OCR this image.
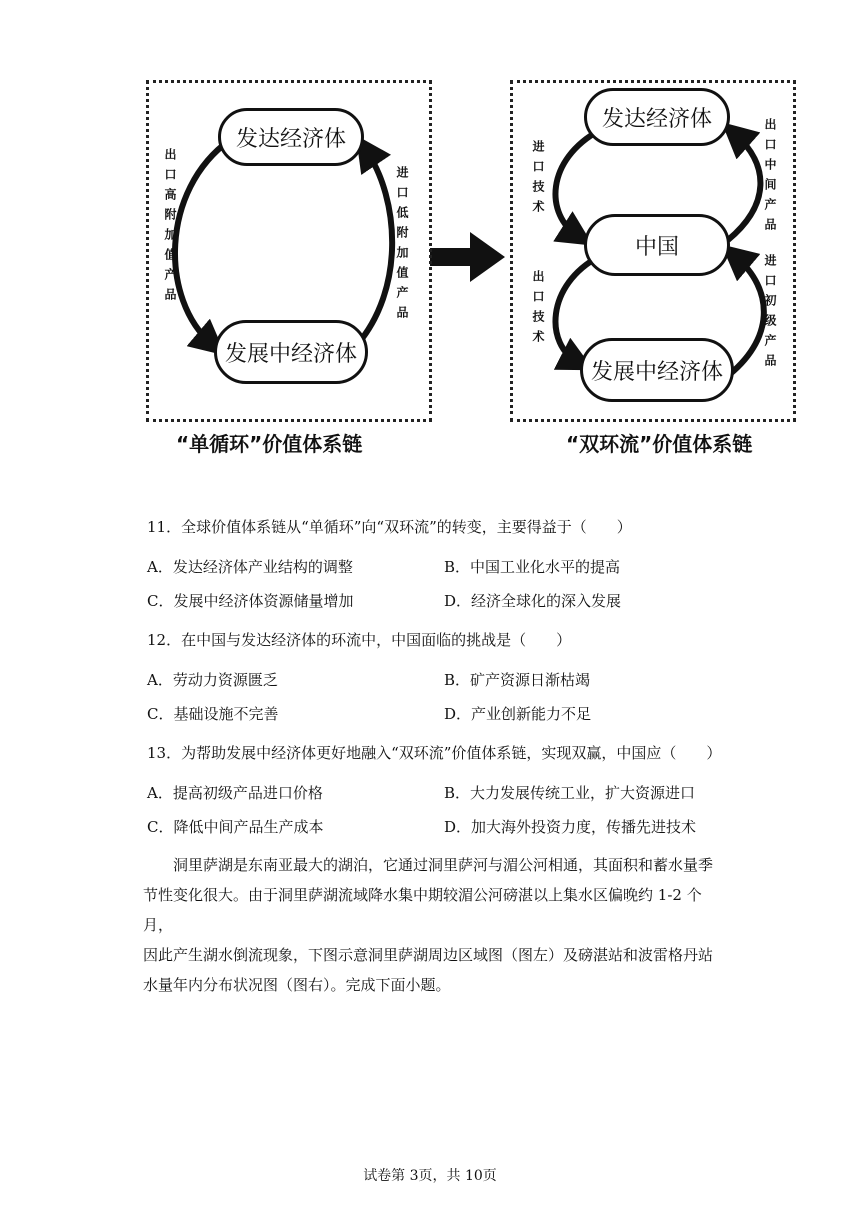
发达经济体
发展中经济体
出口高附加值产品	进口低附加值产品
“单循环”价值体系链
发达经济体
中国
发展中经济体
进口技术
出口技术
出口中间产品
进口初级产品
“双环流”价值体系链
11．全球价值体系链从“单循环”向“双环流”的转变，主要得益于（　　）
A．发达经济体产业结构的调整	B．中国工业化水平的提高
C．发展中经济体资源储量增加	D．经济全球化的深入发展
12．在中国与发达经济体的环流中，中国面临的挑战是（　　）
A．劳动力资源匮乏	B．矿产资源日渐枯竭
C．基础设施不完善	D．产业创新能力不足
13．为帮助发展中经济体更好地融入“双环流”价值体系链，实现双赢，中国应（　　）
A．提高初级产品进口价格	B．大力发展传统工业，扩大资源进口
C．降低中间产品生产成本	D．加大海外投资力度，传播先进技术

　　洞里萨湖是东南亚最大的湖泊，它通过洞里萨河与湄公河相通，其面积和蓄水量季

节性变化很大。由于洞里萨湖流域降水集中期较湄公河磅湛以上集水区偏晚约 1-2 个月，

因此产生湖水倒流现象，下图示意洞里萨湖周边区域图（图左）及磅湛站和波雷格丹站

水量年内分布状况图（图右）。完成下面小题。

试卷第 3页，共 10页
